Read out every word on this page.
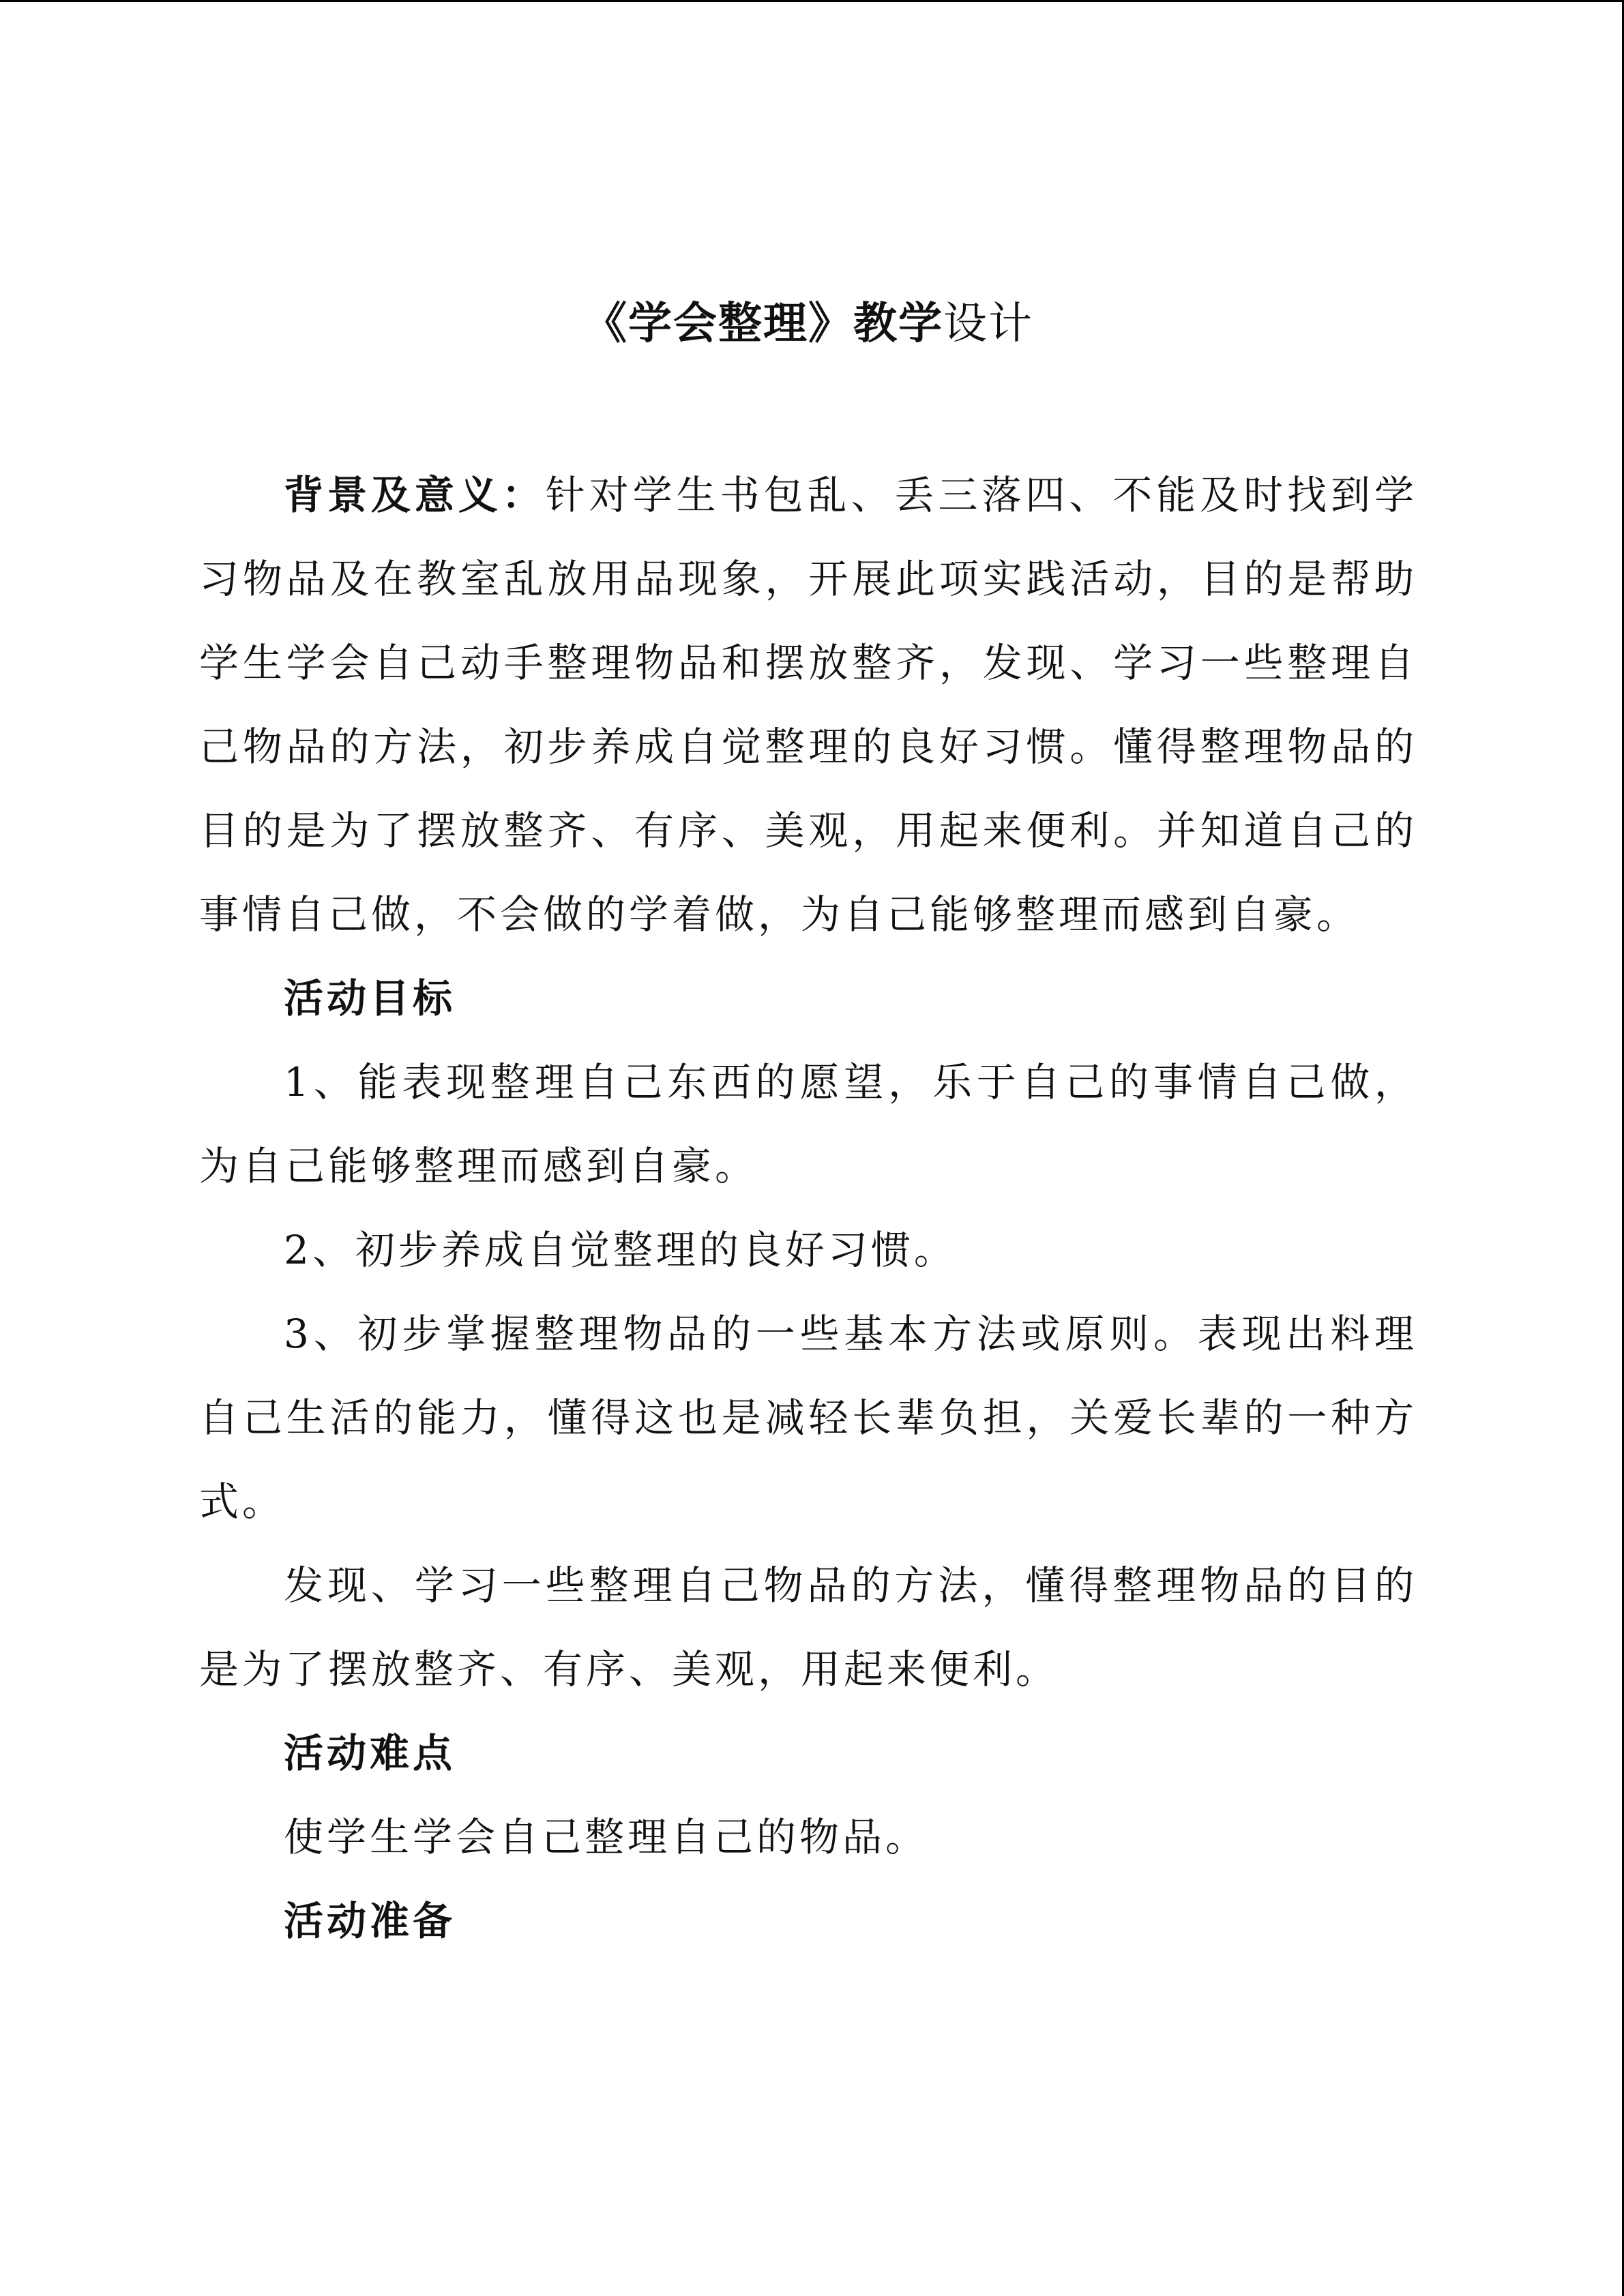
《学会整理》教学设计

背景及意义：针对学生书包乱、丢三落四、不能及时找到学习物品及在教室乱放用品现象，开展此项实践活动，目的是帮助学生学会自己动手整理物品和摆放整齐，发现、学习一些整理自己物品的方法，初步养成自觉整理的良好习惯。懂得整理物品的目的是为了摆放整齐、有序、美观，用起来便利。并知道自己的事情自己做，不会做的学着做，为自己能够整理而感到自豪。

活动目标

1、能表现整理自己东西的愿望，乐于自己的事情自己做，为自己能够整理而感到自豪。

2、初步养成自觉整理的良好习惯。

3、初步掌握整理物品的一些基本方法或原则。表现出料理自己生活的能力，懂得这也是减轻长辈负担，关爱长辈的一种方式。

发现、学习一些整理自己物品的方法，懂得整理物品的目的是为了摆放整齐、有序、美观，用起来便利。

活动难点

使学生学会自己整理自己的物品。

活动准备
